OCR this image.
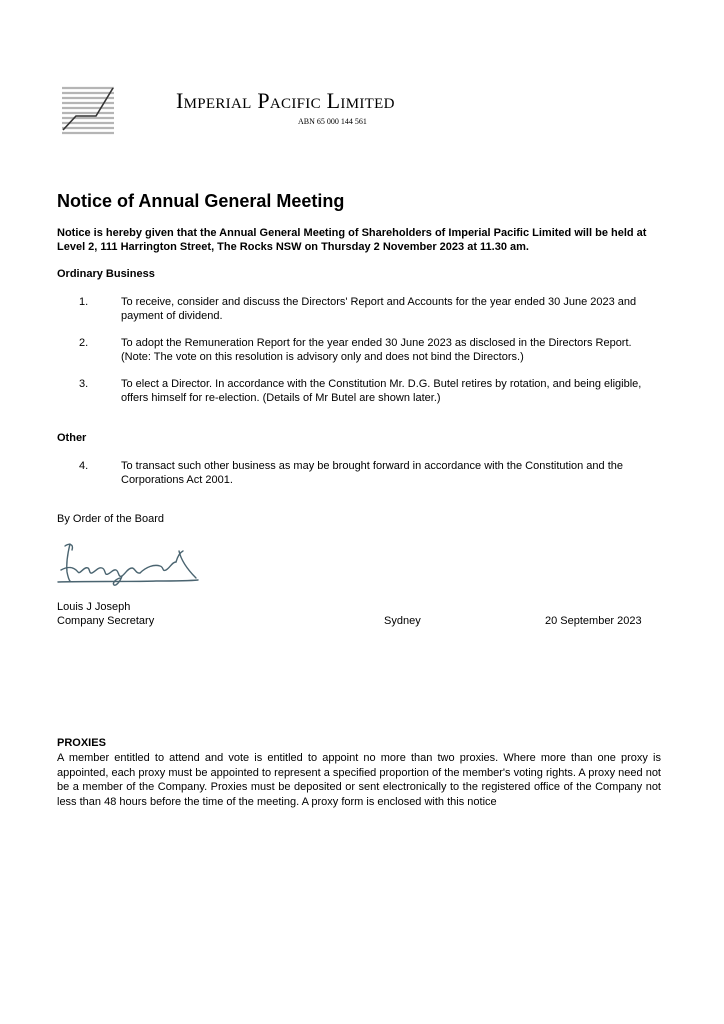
Imperial Pacific Limited
ABN 65 000 144 561
Notice of Annual General Meeting
Notice is hereby given that the Annual General Meeting of Shareholders of Imperial Pacific Limited will be held at Level 2, 111 Harrington Street, The Rocks NSW on Thursday 2 November 2023 at 11.30 am.
Ordinary Business
1.	To receive, consider and discuss the Directors' Report and Accounts for the year ended 30 June 2023 and payment of dividend.
2.	To adopt the Remuneration Report for the year ended 30 June 2023 as disclosed in the Directors Report. (Note: The vote on this resolution is advisory only and does not bind the Directors.)
3.	To elect a Director. In accordance with the Constitution Mr. D.G. Butel retires by rotation, and being eligible, offers himself for re-election. (Details of Mr Butel are shown later.)
Other
4.	To transact such other business as may be brought forward in accordance with the Constitution and the Corporations Act 2001.
By Order of the Board
Louis J Joseph
Company Secretary	Sydney	20 September 2023
PROXIES
A member entitled to attend and vote is entitled to appoint no more than two proxies. Where more than one proxy is appointed, each proxy must be appointed to represent a specified proportion of the member's voting rights. A proxy need not be a member of the Company. Proxies must be deposited or sent electronically to the registered office of the Company not less than 48 hours before the time of the meeting. A proxy form is enclosed with this notice
